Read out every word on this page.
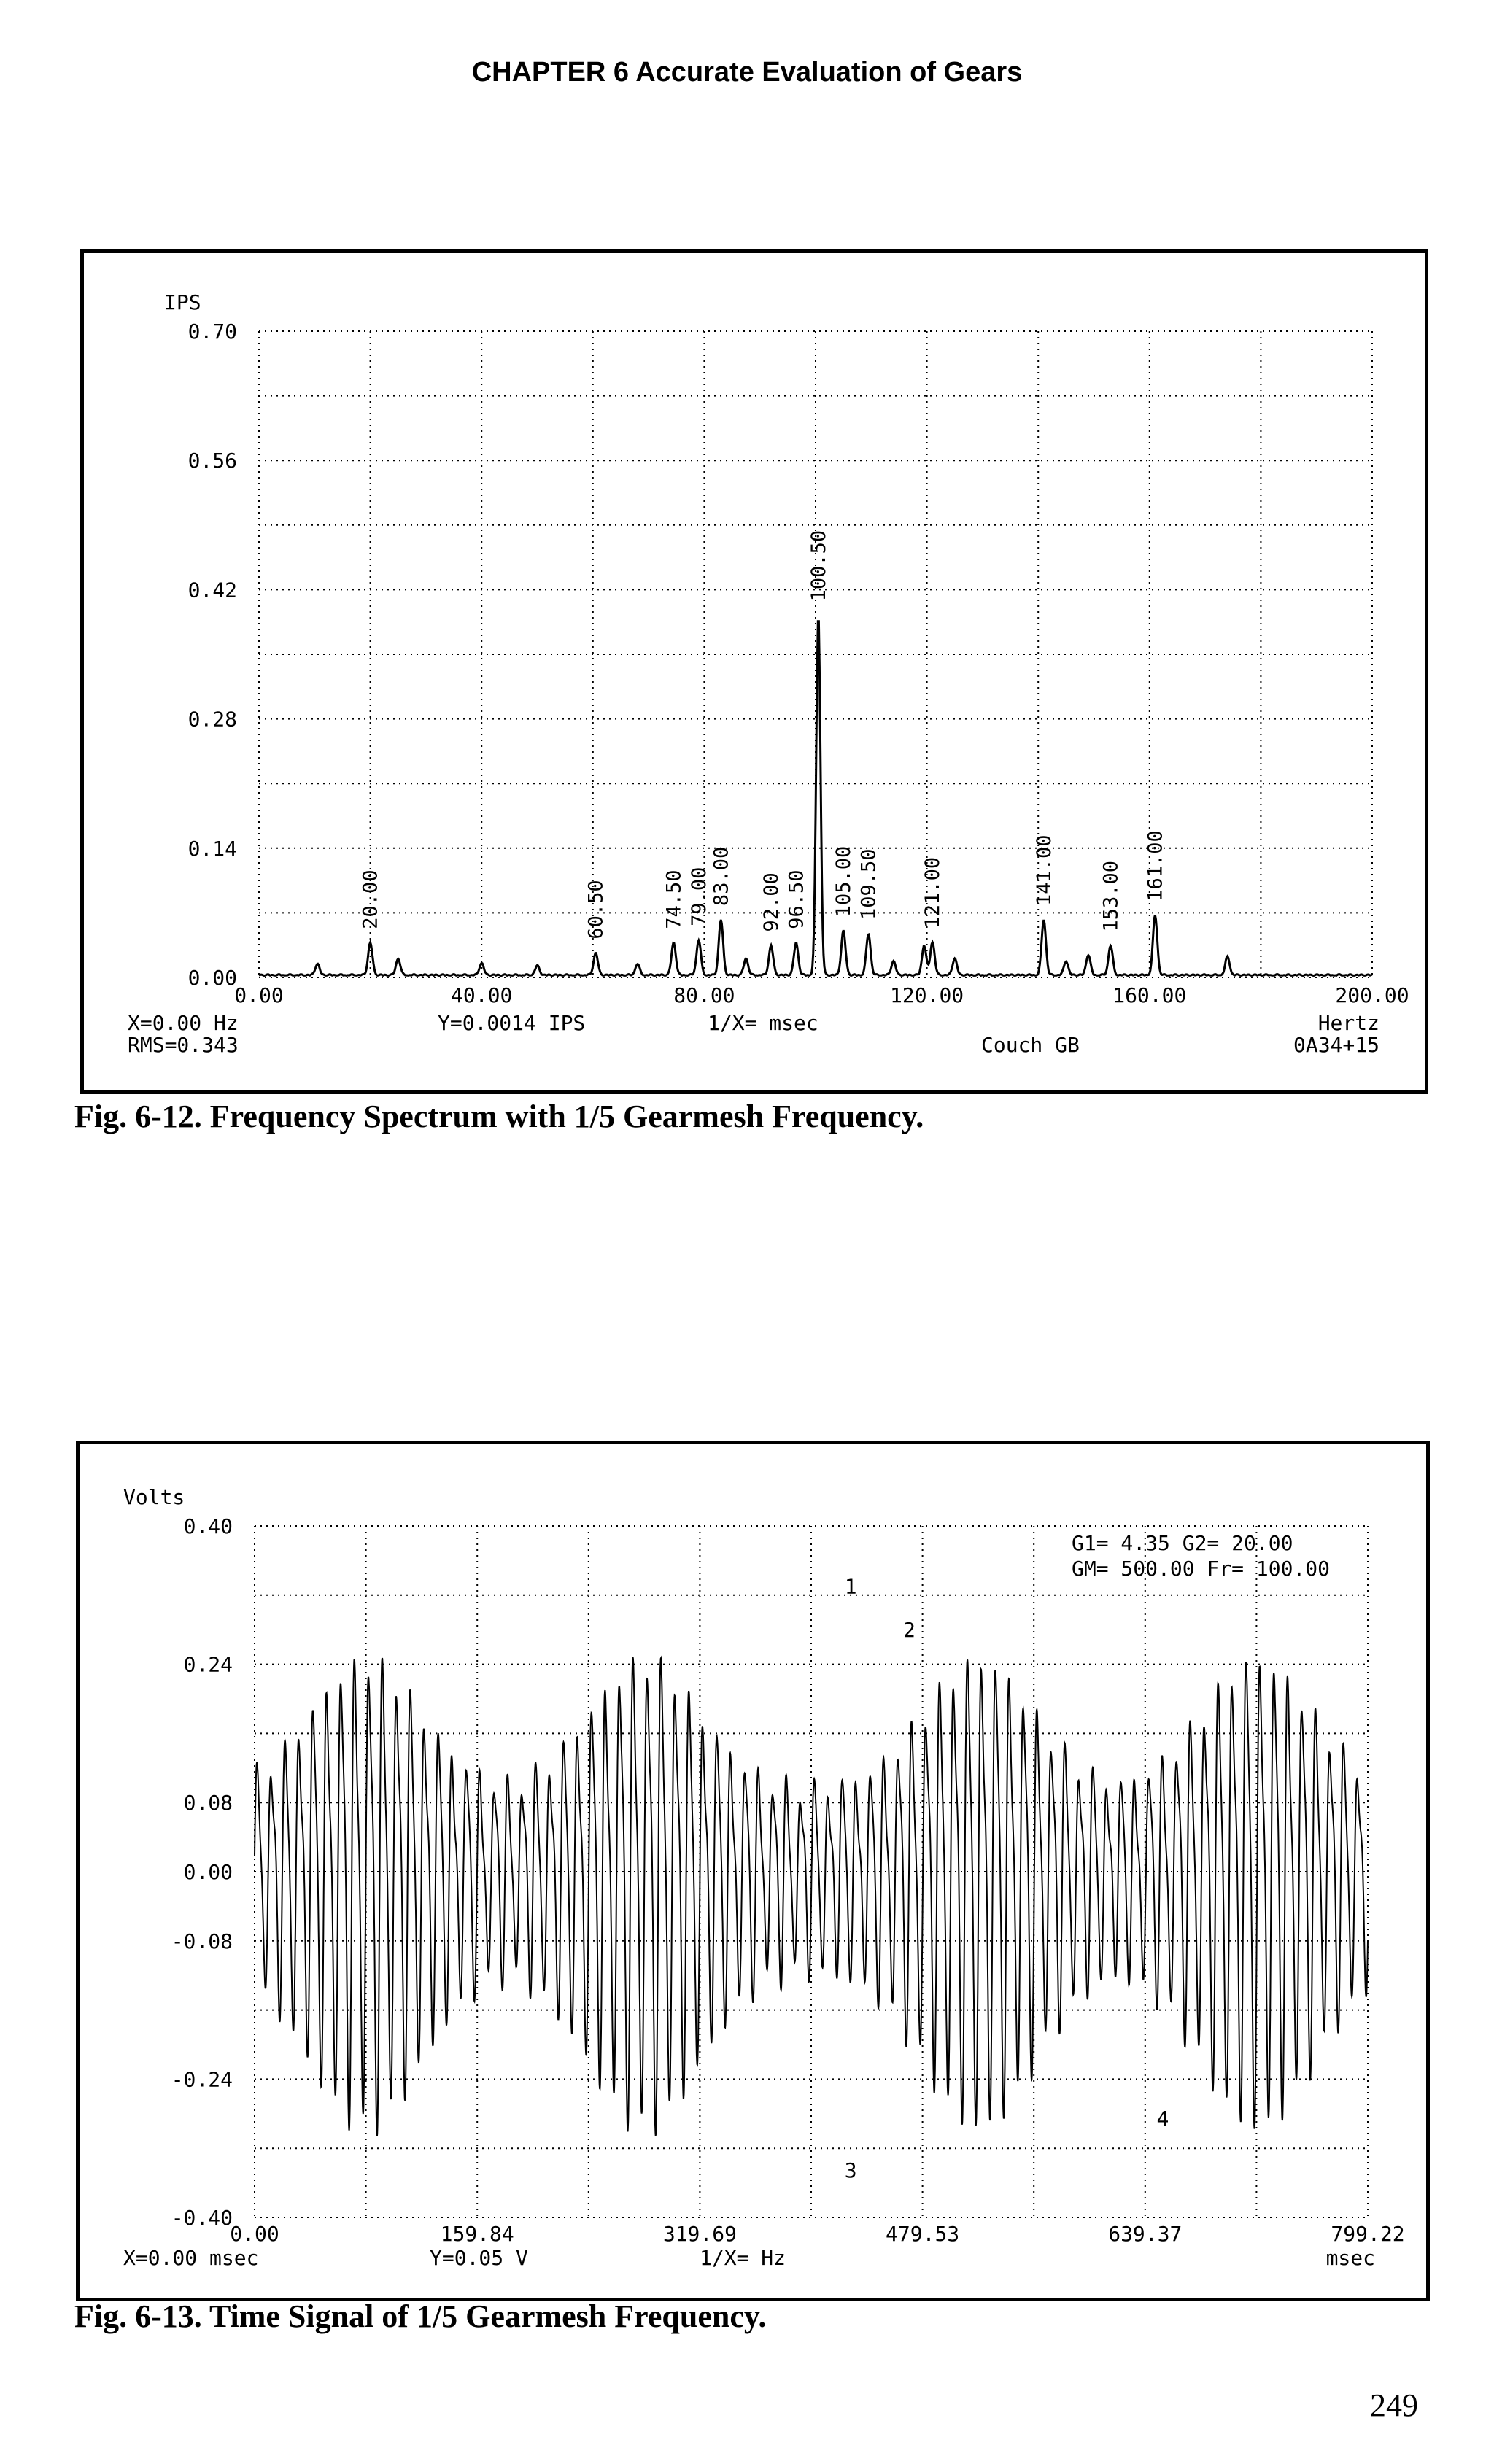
CHAPTER 6 Accurate Evaluation of Gears
0.70
0.56
0.42
0.28
0.14
0.00
IPS
0.00	40.00	80.00	120.00	160.00	200.00
20.00	60.50	74.50 79.00 83.00 92.00 96.50
100.50
105.00 109.50 121.00	141.00 153.00 161.00
X=0.00 Hz
RMS=0.343
Y=0.0014 IPS	1/X= msec
Couch GB
Hertz
0A34+15
Fig. 6-12. Frequency Spectrum with 1/5 Gearmesh Frequency.
0.40
0.24
0.08
0.00
-0.08
-0.24
-0.40
Volts
0.00	159.84	319.69	479.53	639.37	799.22
1
2
3
4
G1= 4.35 G2= 20.00
GM= 500.00 Fr= 100.00
X=0.00 msec	Y=0.05 V	1/X= Hz	msec
Fig. 6-13. Time Signal of 1/5 Gearmesh Frequency.
249
